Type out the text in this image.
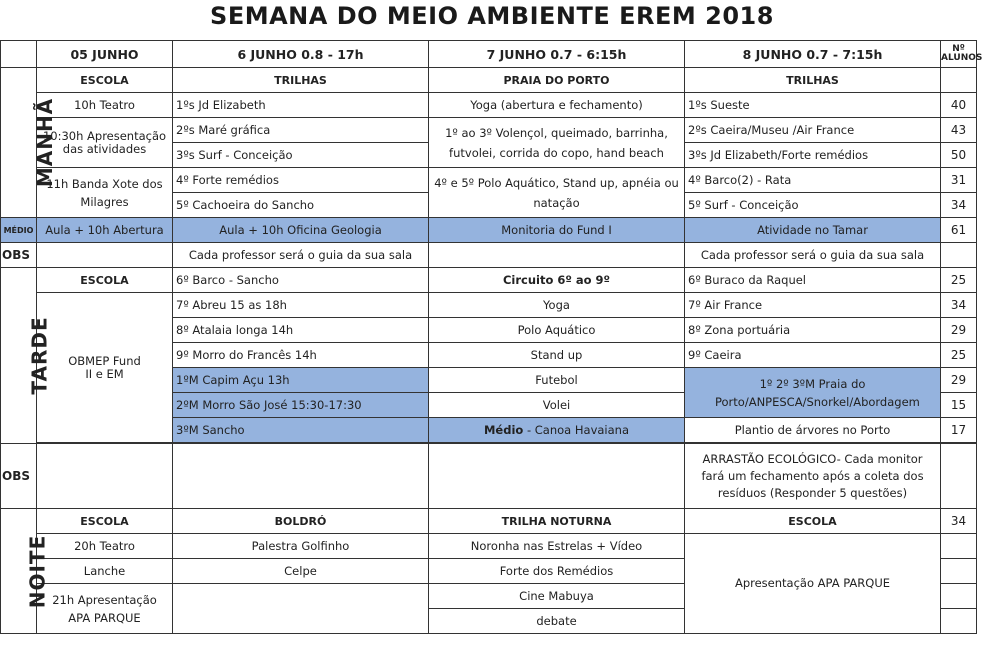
SEMANA DO MEIO AMBIENTE EREM 2018
	05 JUNHO	6 JUNHO 0.8 - 17h	7 JUNHO 0.7 - 6:15h	8 JUNHO 0.7 - 7:15h	Nº ALUNOS
MANHÃ	ESCOLA	TRILHAS	PRAIA DO PORTO	TRILHAS	
	10h Teatro	1ºs Jd Elizabeth	Yoga (abertura e fechamento)	1ºs Sueste	40
	10:30h Apresentação das atividades	2ºs Maré gráfica	1º ao 3º Volençol, queimado, barrinha, futvolei, corrida do copo, hand beach	2ºs Caeira/Museu /Air France	43
		3ºs Surf - Conceição		3ºs Jd Elizabeth/Forte remédios	50
	11h Banda Xote dos Milagres	4º Forte remédios	4º e 5º Polo Aquático, Stand up, apnéia ou natação	4º Barco(2) - Rata	31
		5º Cachoeira do Sancho		5º Surf - Conceição	34
MÉDIO	Aula + 10h Abertura	Aula + 10h Oficina Geologia	Monitoria do Fund I	Atividade no Tamar	61
OBS		Cada professor será o guia da sua sala		Cada professor será o guia da sua sala	
TARDE	ESCOLA	6º Barco - Sancho	Circuito 6º ao 9º	6º Buraco da Raquel	25
	OBMEP Fund II e EM	7º Abreu 15 as 18h	Yoga	7º Air France	34
		8º Atalaia longa 14h	Polo Aquático	8º Zona portuária	29
		9º Morro do Francês 14h	Stand up	9º Caeira	25
		1ºM Capim Açu 13h	Futebol	1º 2º 3ºM Praia do Porto/ANPESCA/Snorkel/Abordagem	29
		2ºM Morro São José 15:30-17:30	Volei		15
		3ºM Sancho	Médio - Canoa Havaiana	Plantio de árvores no Porto	17

OBS				ARRASTÃO ECOLÓGICO- Cada monitor fará um fechamento após a coleta dos resíduos (Responder 5 questões)	
NOITE	ESCOLA	BOLDRÓ	TRILHA NOTURNA	ESCOLA	34
	20h Teatro	Palestra Golfinho	Noronha nas Estrelas + Vídeo	Apresentação APA PARQUE	
	Lanche	Celpe	Forte dos Remédios		
	21h Apresentação APA PARQUE		Cine Mabuya		
			debate		
